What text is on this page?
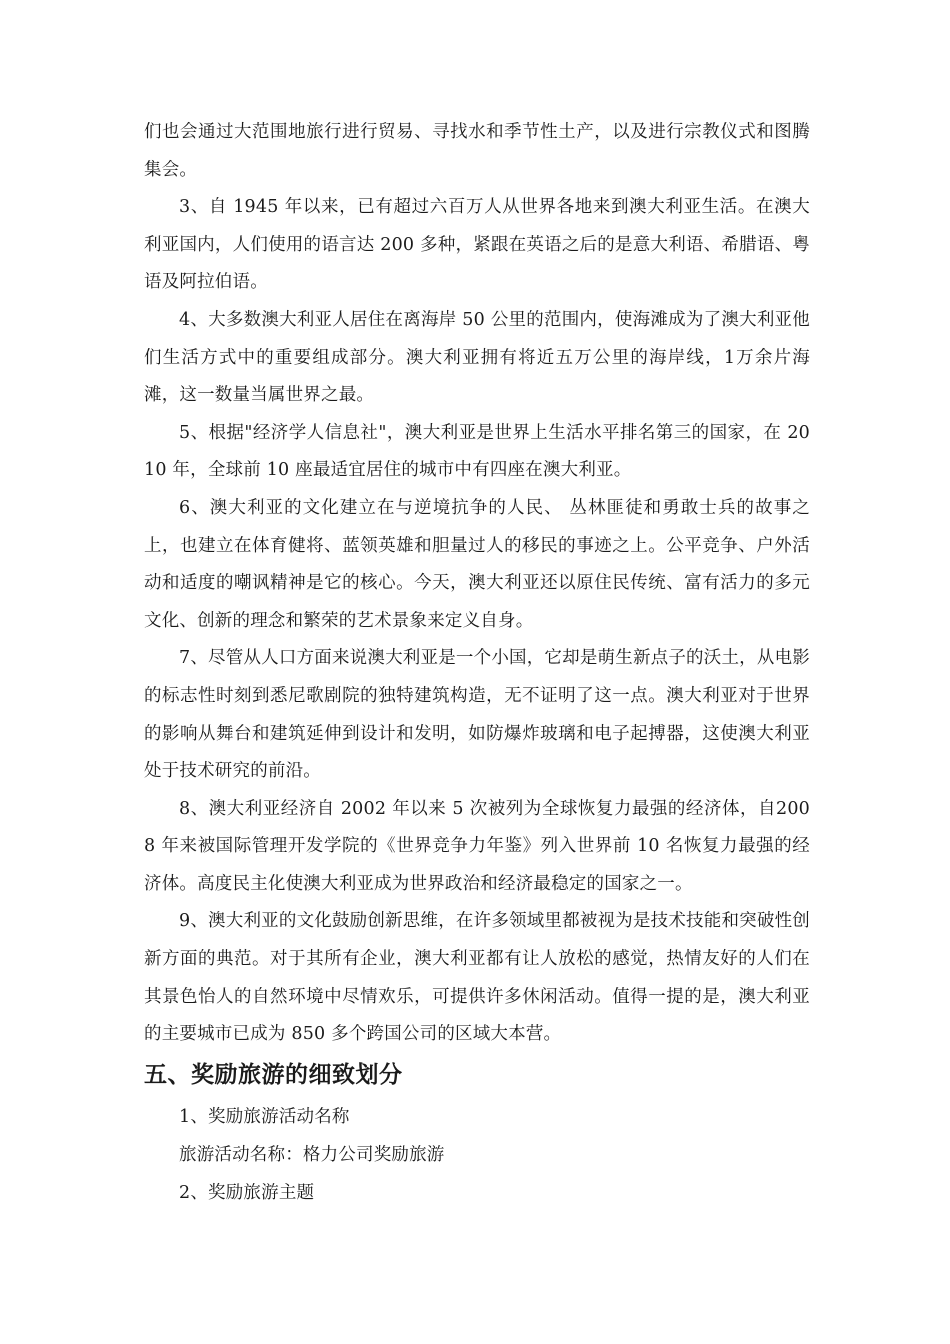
们也会通过大范围地旅行进行贸易、寻找水和季节性土产，以及进行宗教仪式和图腾集会。

3、自 1945 年以来，已有超过六百万人从世界各地来到澳大利亚生活。在澳大利亚国内，人们使用的语言达 200 多种，紧跟在英语之后的是意大利语、希腊语、粤语及阿拉伯语。

4、大多数澳大利亚人居住在离海岸 50 公里的范围内，使海滩成为了澳大利亚他们生活方式中的重要组成部分。澳大利亚拥有将近五万公里的海岸线，1万余片海滩，这一数量当属世界之最。

5、根据"经济学人信息社"，澳大利亚是世界上生活水平排名第三的国家，在 2010 年，全球前 10 座最适宜居住的城市中有四座在澳大利亚。

6、澳大利亚的文化建立在与逆境抗争的人民、 丛林匪徒和勇敢士兵的故事之上，也建立在体育健将、蓝领英雄和胆量过人的移民的事迹之上。公平竞争、户外活动和适度的嘲讽精神是它的核心。今天，澳大利亚还以原住民传统、富有活力的多元文化、创新的理念和繁荣的艺术景象来定义自身。

7、尽管从人口方面来说澳大利亚是一个小国，它却是萌生新点子的沃土，从电影的标志性时刻到悉尼歌剧院的独特建筑构造，无不证明了这一点。澳大利亚对于世界的影响从舞台和建筑延伸到设计和发明，如防爆炸玻璃和电子起搏器，这使澳大利亚处于技术研究的前沿。

8、澳大利亚经济自 2002 年以来 5 次被列为全球恢复力最强的经济体，自2008 年来被国际管理开发学院的《世界竞争力年鉴》列入世界前 10 名恢复力最强的经济体。高度民主化使澳大利亚成为世界政治和经济最稳定的国家之一。

9、澳大利亚的文化鼓励创新思维，在许多领域里都被视为是技术技能和突破性创新方面的典范。对于其所有企业，澳大利亚都有让人放松的感觉，热情友好的人们在其景色怡人的自然环境中尽情欢乐，可提供许多休闲活动。值得一提的是，澳大利亚的主要城市已成为 850 多个跨国公司的区域大本营。

五、奖励旅游的细致划分

1、奖励旅游活动名称

旅游活动名称：格力公司奖励旅游

2、奖励旅游主题
